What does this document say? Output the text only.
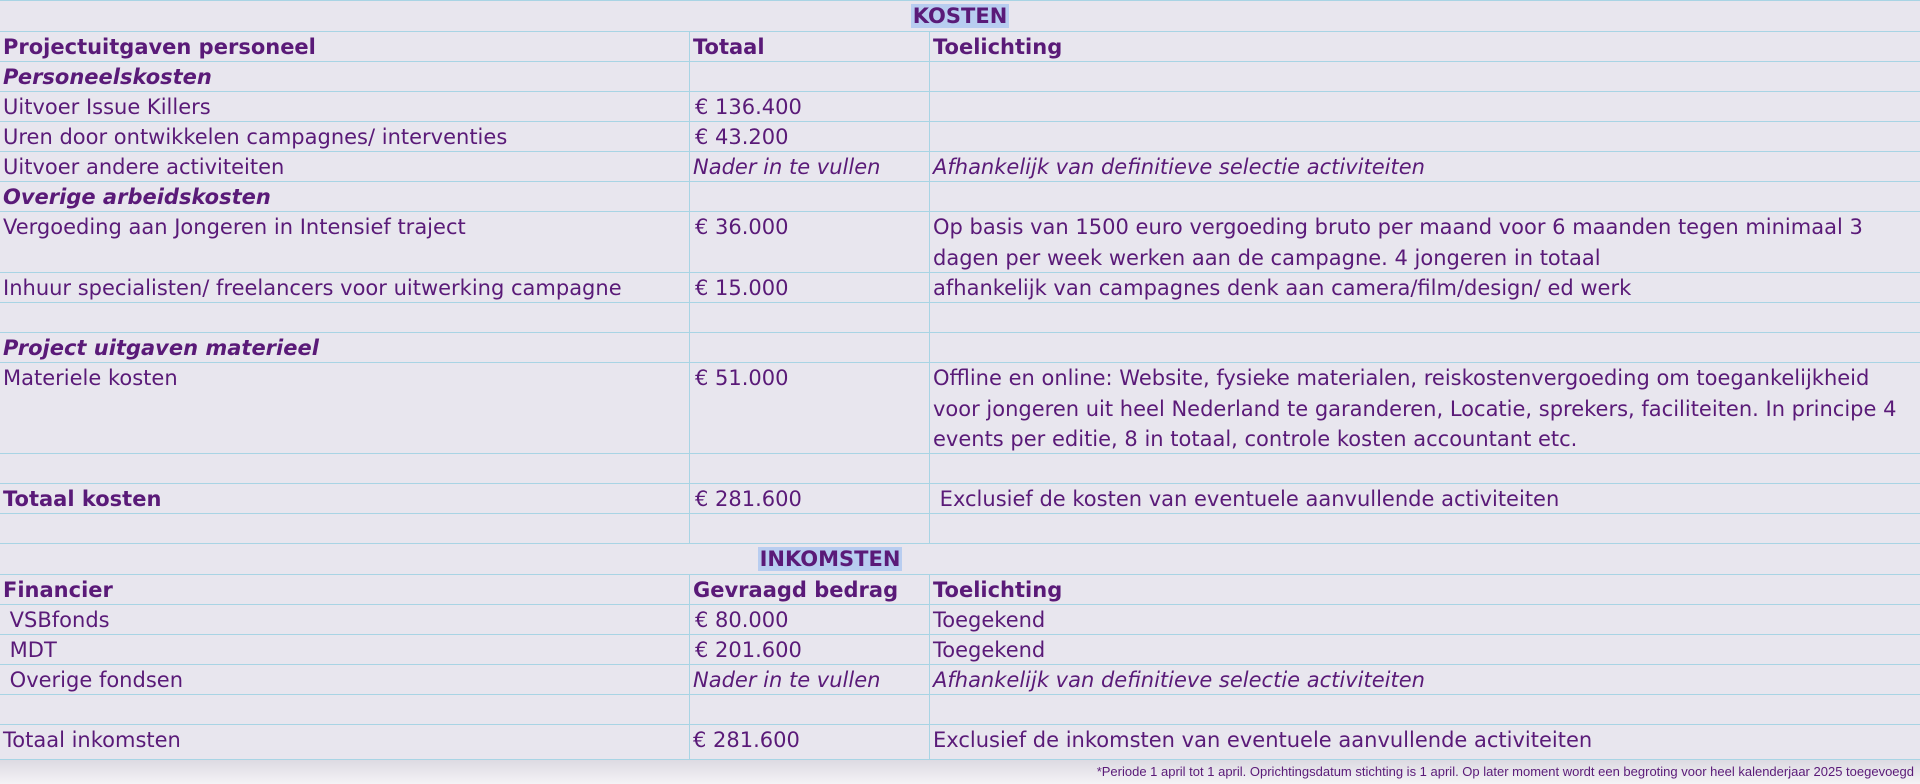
KOSTEN
Projectuitgaven personeel	Totaal	Toelichting
Personeelskosten
Uitvoer Issue Killers	€ 136.400
Uren door ontwikkelen campagnes/ interventies	€ 43.200
Uitvoer andere activiteiten	Nader in te vullen	Afhankelijk van definitieve selectie activiteiten
Overige arbeidskosten
Vergoeding aan Jongeren in Intensief traject	€ 36.000	Op basis van 1500 euro vergoeding bruto per maand voor 6 maanden tegen minimaal 3 dagen per week werken aan de campagne. 4 jongeren in totaal
Inhuur specialisten/ freelancers voor uitwerking campagne	€ 15.000	afhankelijk van campagnes denk aan camera/film/design/ ed werk
Project uitgaven materieel
Materiele kosten	€ 51.000	Offline en online: Website, fysieke materialen, reiskostenvergoeding om toegankelijkheid voor jongeren uit heel Nederland te garanderen, Locatie, sprekers, faciliteiten. In principe 4 events per editie, 8 in totaal, controle kosten accountant etc.
Totaal kosten	€ 281.600	Exclusief de kosten van eventuele aanvullende activiteiten
INKOMSTEN
Financier	Gevraagd bedrag	Toelichting
VSBfonds	€ 80.000	Toegekend
MDT	€ 201.600	Toegekend
Overige fondsen	Nader in te vullen	Afhankelijk van definitieve selectie activiteiten
Totaal inkomsten	€ 281.600	Exclusief de inkomsten van eventuele aanvullende activiteiten
*Periode 1 april tot 1 april. Oprichtingsdatum stichting is 1 april. Op later moment wordt een begroting voor heel kalenderjaar 2025 toegevoegd
